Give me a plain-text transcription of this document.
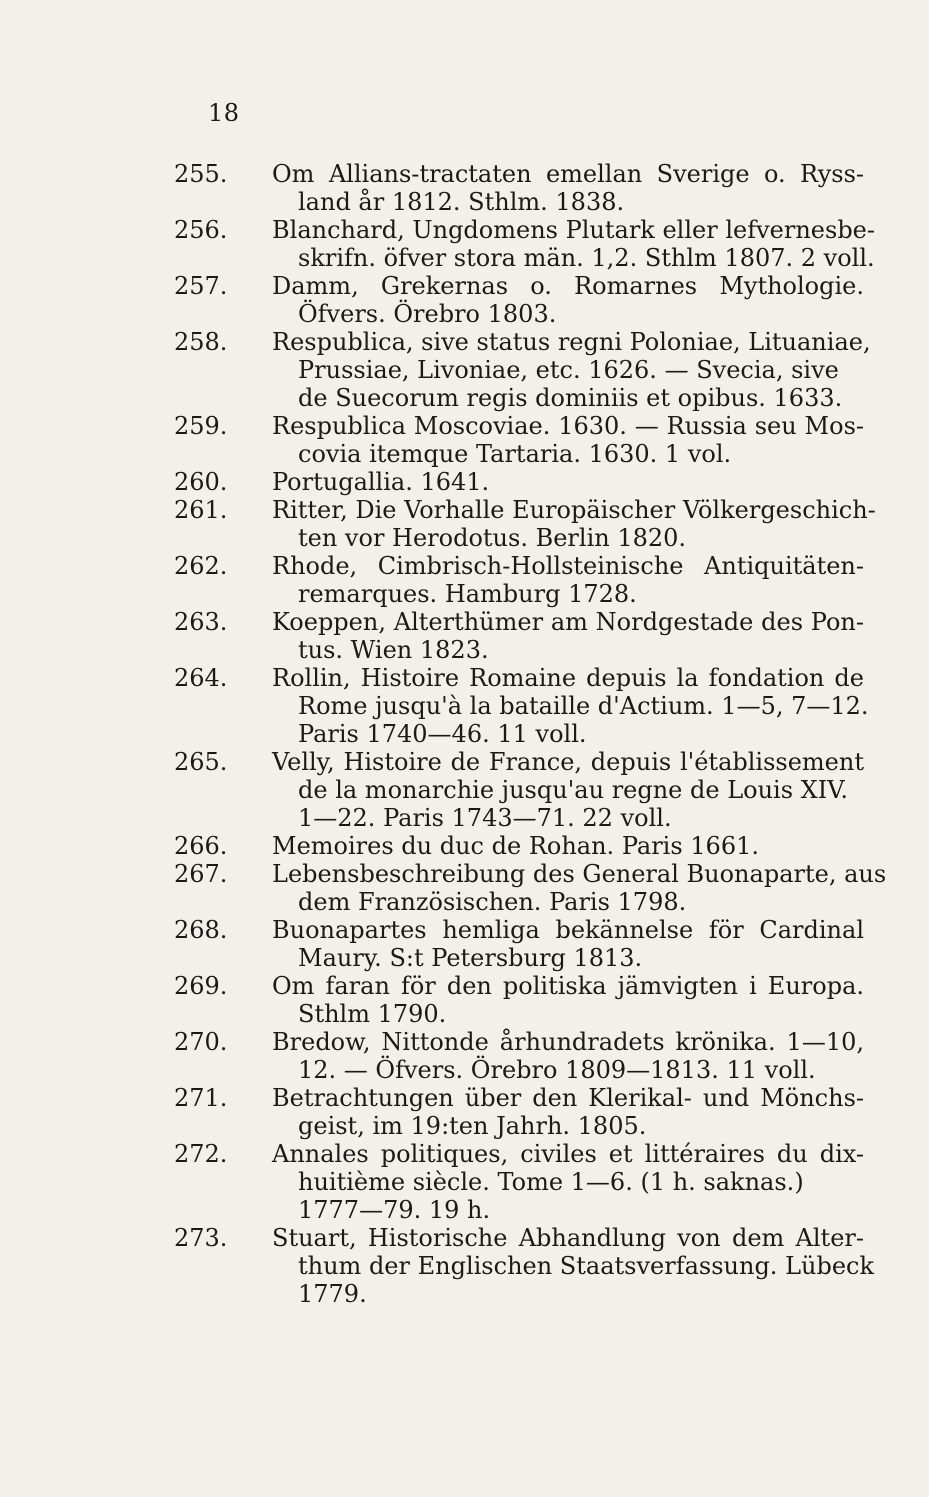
18
255.	Om Allians-tractaten emellan Sverige o. Ryss-
land år 1812. Sthlm. 1838.
256.	Blanchard, Ungdomens Plutark eller lefvernesbe-
skrifn. öfver stora män. 1,2. Sthlm 1807. 2 voll.
257.	Damm, Grekernas o. Romarnes Mythologie.
Öfvers. Örebro 1803.
258.	Respublica, sive status regni Poloniae, Lituaniae,
Prussiae, Livoniae, etc. 1626. — Svecia, sive
de Suecorum regis dominiis et opibus. 1633.
259.	Respublica Moscoviae. 1630. — Russia seu Mos-
covia itemque Tartaria. 1630. 1 vol.
260.	Portugallia. 1641.
261.	Ritter, Die Vorhalle Europäischer Völkergeschich-
ten vor Herodotus. Berlin 1820.
262.	Rhode, Cimbrisch-Hollsteinische Antiquitäten-
remarques. Hamburg 1728.
263.	Koeppen, Alterthümer am Nordgestade des Pon-
tus. Wien 1823.
264.	Rollin, Histoire Romaine depuis la fondation de
Rome jusqu'à la bataille d'Actium. 1—5, 7—12.
Paris 1740—46. 11 voll.
265.	Velly, Histoire de France, depuis l'établissement
de la monarchie jusqu'au regne de Louis XIV.
1—22. Paris 1743—71. 22 voll.
266.	Memoires du duc de Rohan. Paris 1661.
267.	Lebensbeschreibung des General Buonaparte, aus
dem Französischen. Paris 1798.
268.	Buonapartes hemliga bekännelse för Cardinal
Maury. S:t Petersburg 1813.
269.	Om faran för den politiska jämvigten i Europa.
Sthlm 1790.
270.	Bredow, Nittonde århundradets krönika. 1—10,
12. — Öfvers. Örebro 1809—1813. 11 voll.
271.	Betrachtungen über den Klerikal- und Mönchs-
geist, im 19:ten Jahrh. 1805.
272.	Annales politiques, civiles et littéraires du dix-
huitième siècle. Tome 1—6. (1 h. saknas.)
1777—79. 19 h.
273.	Stuart, Historische Abhandlung von dem Alter-
thum der Englischen Staatsverfassung. Lübeck
1779.
